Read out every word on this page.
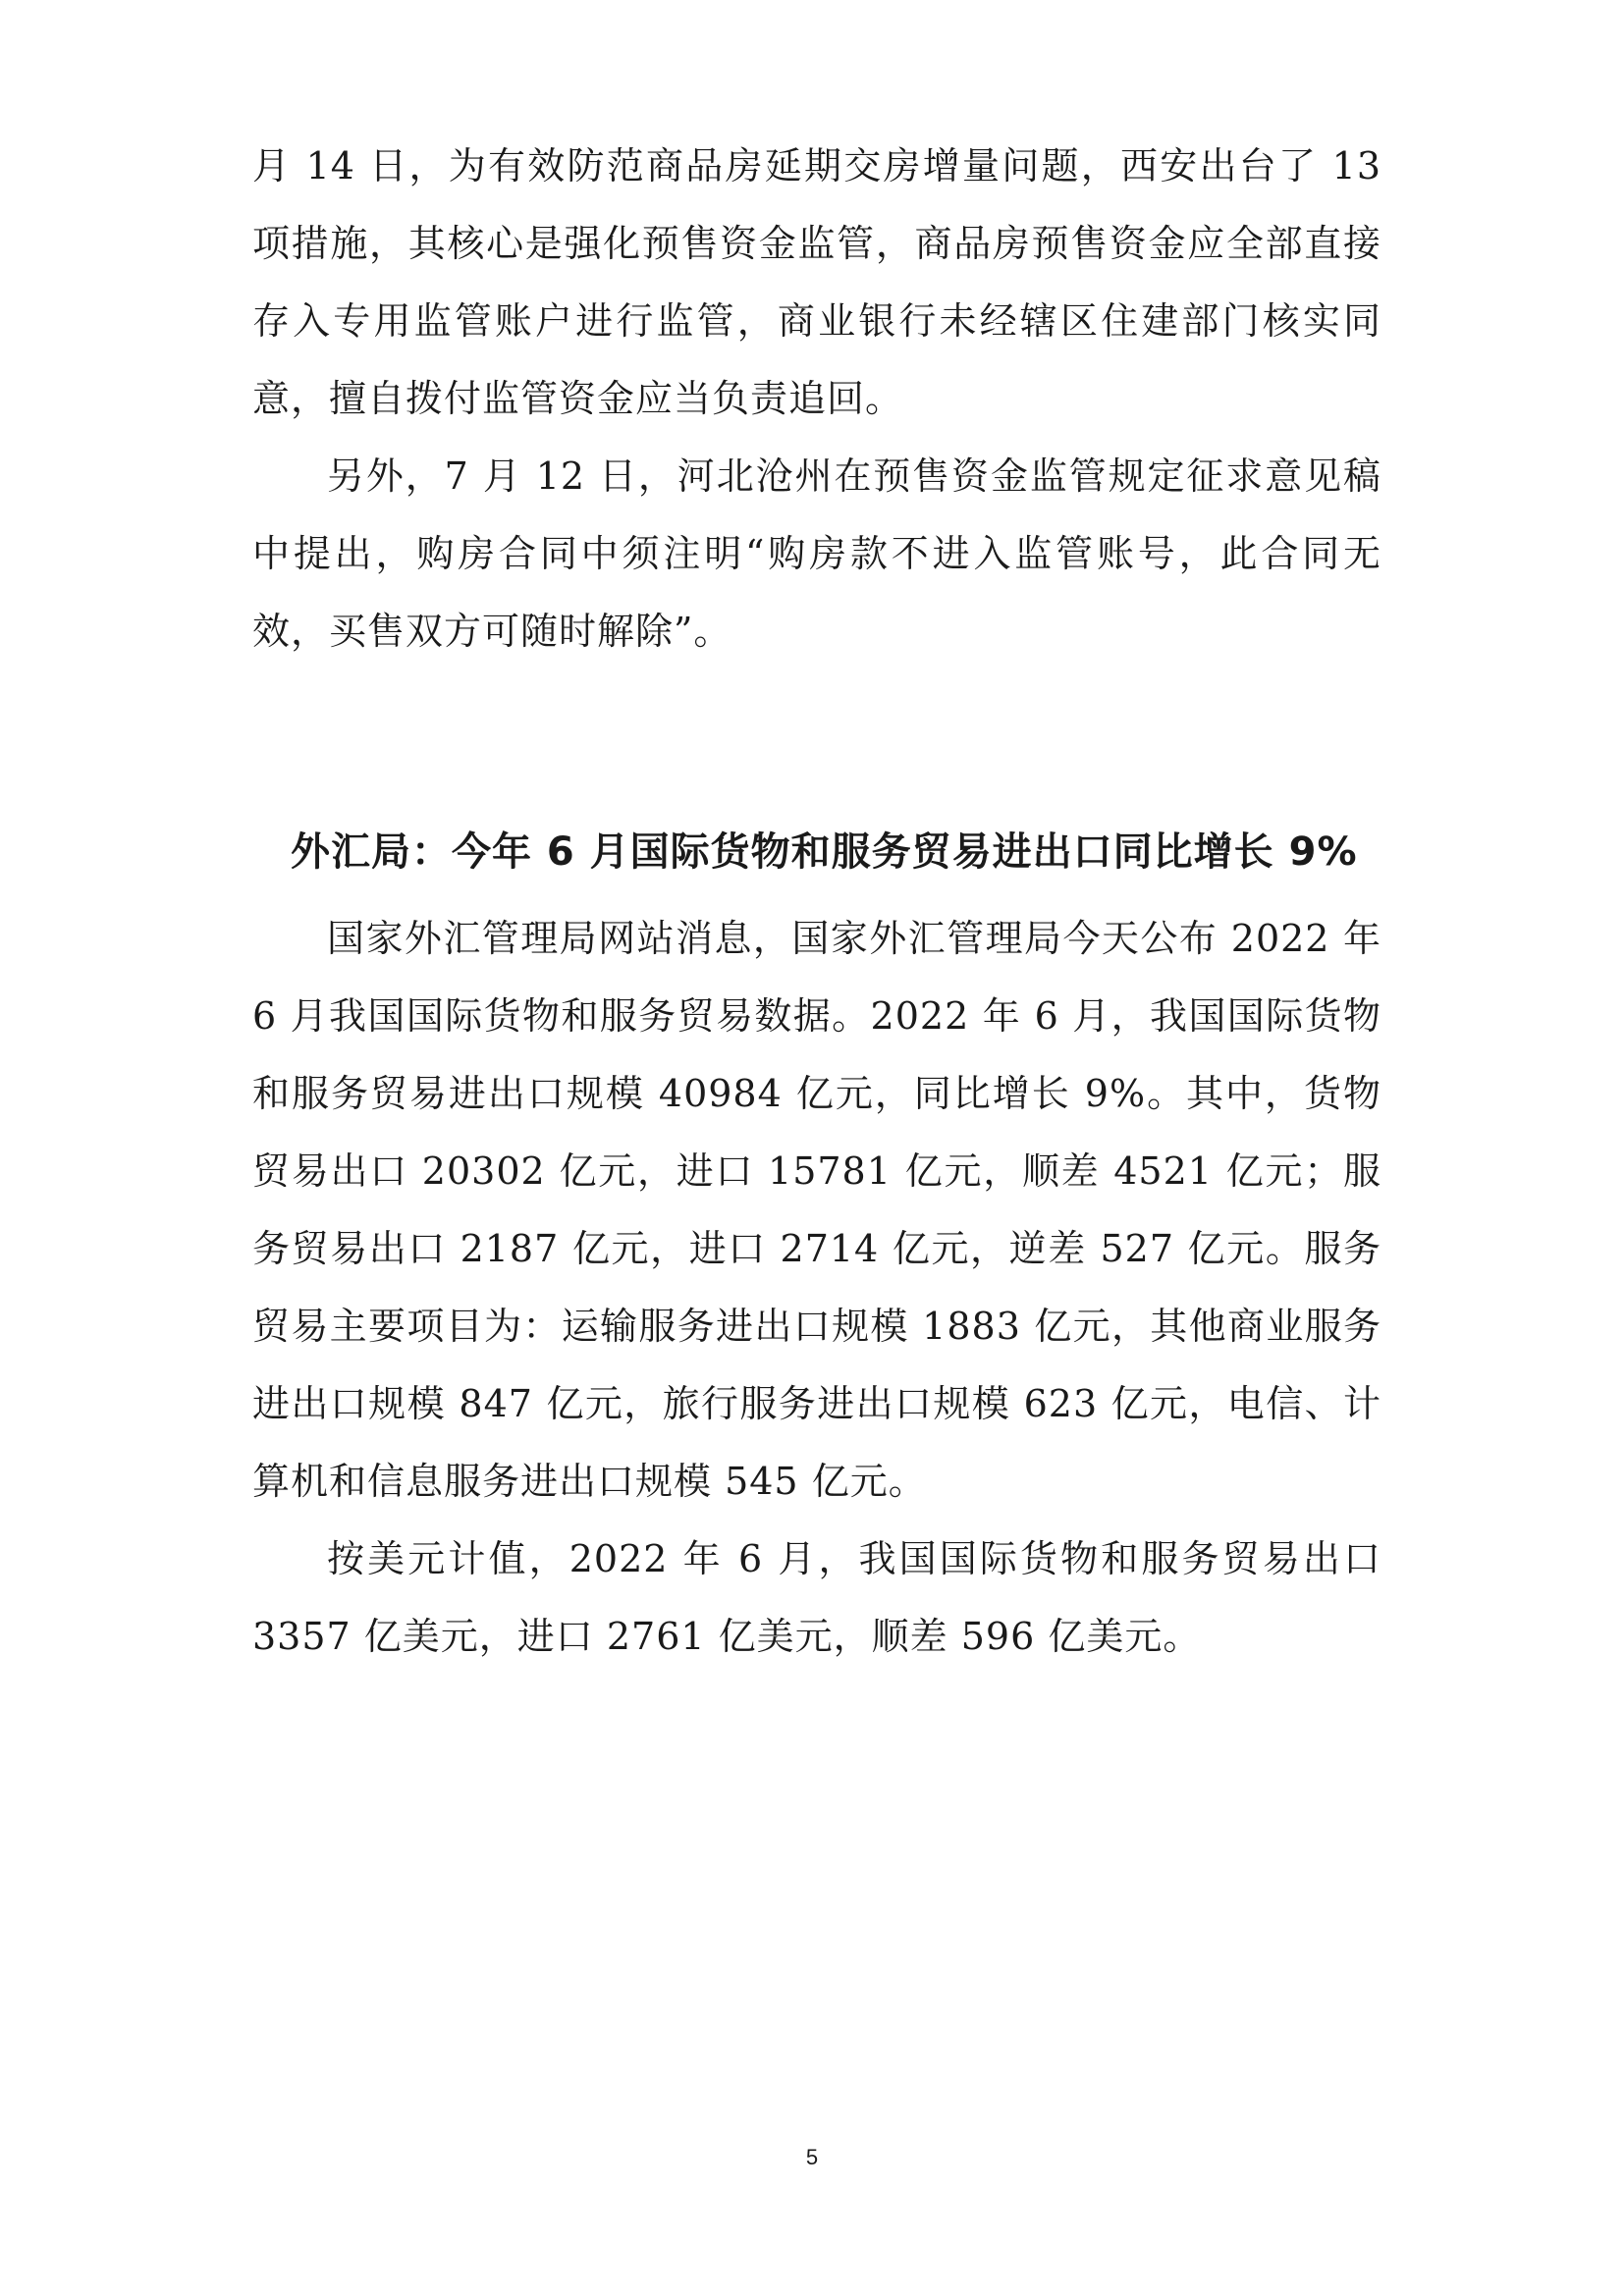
月 14 日，为有效防范商品房延期交房增量问题，西安出台了 13 项措施，其核心是强化预售资金监管，商品房预售资金应全部直接存入专用监管账户进行监管，商业银行未经辖区住建部门核实同意，擅自拨付监管资金应当负责追回。

另外，7 月 12 日，河北沧州在预售资金监管规定征求意见稿中提出，购房合同中须注明“购房款不进入监管账号，此合同无效，买售双方可随时解除”。

外汇局：今年 6 月国际货物和服务贸易进出口同比增长 9%

国家外汇管理局网站消息，国家外汇管理局今天公布 2022 年 6 月我国国际货物和服务贸易数据。2022 年 6 月，我国国际货物和服务贸易进出口规模 40984 亿元，同比增长 9%。其中，货物贸易出口 20302 亿元，进口 15781 亿元，顺差 4521 亿元；服务贸易出口 2187 亿元，进口 2714 亿元，逆差 527 亿元。服务贸易主要项目为：运输服务进出口规模 1883 亿元，其他商业服务进出口规模 847 亿元，旅行服务进出口规模 623 亿元，电信、计算机和信息服务进出口规模 545 亿元。

按美元计值，2022 年 6 月，我国国际货物和服务贸易出口 3357 亿美元，进口 2761 亿美元，顺差 596 亿美元。

5
